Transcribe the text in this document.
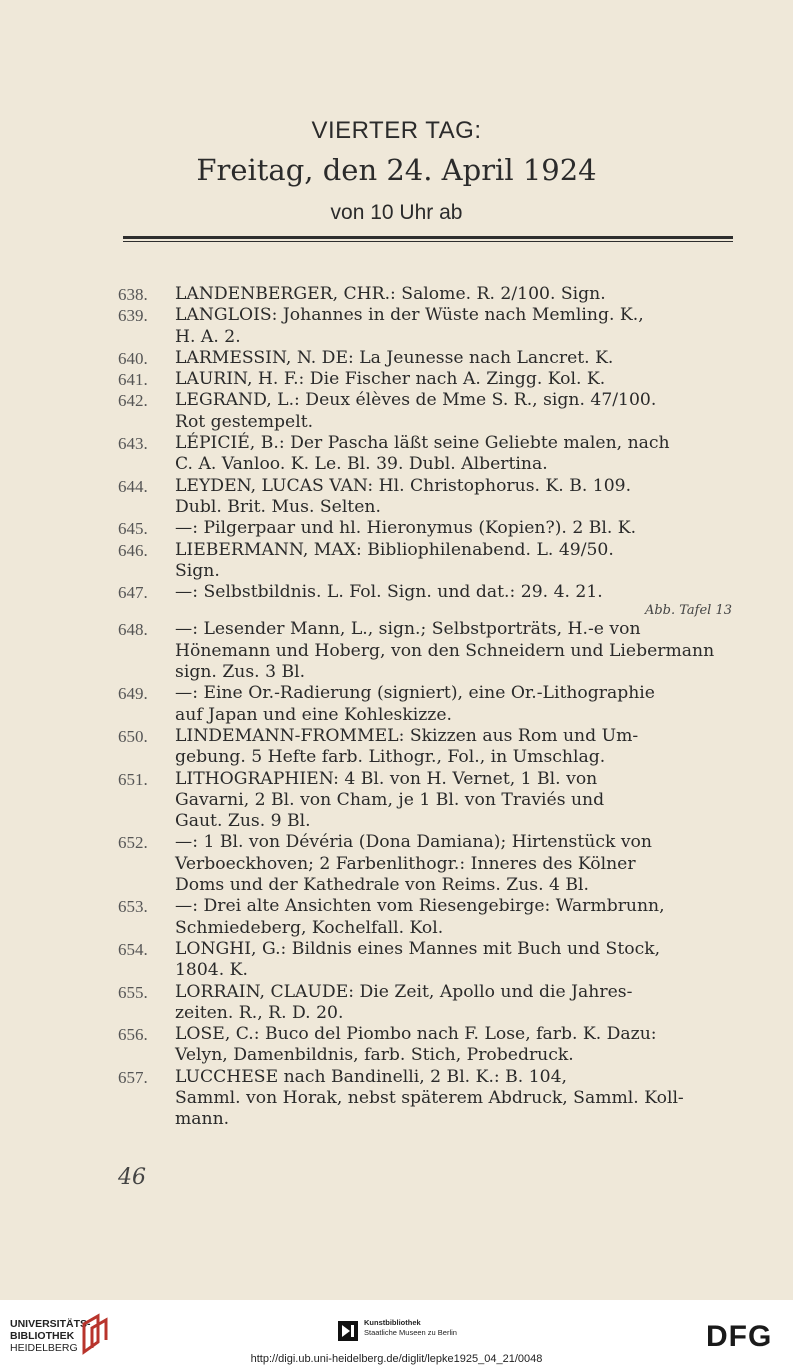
VIERTER TAG:
Freitag, den 24. April 1924
von 10 Uhr ab
638.	LANDENBERGER, CHR.: Salome. R. 2/100. Sign.
639.	LANGLOIS: Johannes in der Wüste nach Memling. K.,
H. A. 2.
640.	LARMESSIN, N. DE: La Jeunesse nach Lancret. K.
641.	LAURIN, H. F.: Die Fischer nach A. Zingg. Kol. K.
642.	LEGRAND, L.: Deux élèves de Mme S. R., sign. 47/100.
Rot gestempelt.
643.	LÉPICIÉ, B.: Der Pascha läßt seine Geliebte malen, nach
C. A. Vanloo. K. Le. Bl. 39. Dubl. Albertina.
644.	LEYDEN, LUCAS VAN: Hl. Christophorus. K. B. 109.
Dubl. Brit. Mus. Selten.
645.	—: Pilgerpaar und hl. Hieronymus (Kopien?). 2 Bl. K.
646.	LIEBERMANN, MAX: Bibliophilenabend. L. 49/50.
Sign.
647.	—: Selbstbildnis. L. Fol. Sign. und dat.: 29. 4. 21.
Abb. Tafel 13
648.	—: Lesender Mann, L., sign.; Selbstporträts, H.-e von
Hönemann und Hoberg, von den Schneidern und Liebermann
sign. Zus. 3 Bl.
649.	—: Eine Or.-Radierung (signiert), eine Or.-Lithographie
auf Japan und eine Kohleskizze.
650.	LINDEMANN-FROMMEL: Skizzen aus Rom und Um-
gebung. 5 Hefte farb. Lithogr., Fol., in Umschlag.
651.	LITHOGRAPHIEN: 4 Bl. von H. Vernet, 1 Bl. von
Gavarni, 2 Bl. von Cham, je 1 Bl. von Traviés und
Gaut. Zus. 9 Bl.
652.	—: 1 Bl. von Dévéria (Dona Damiana); Hirtenstück von
Verboeckhoven; 2 Farbenlithogr.: Inneres des Kölner
Doms und der Kathedrale von Reims. Zus. 4 Bl.
653.	—: Drei alte Ansichten vom Riesengebirge: Warmbrunn,
Schmiedeberg, Kochelfall. Kol.
654.	LONGHI, G.: Bildnis eines Mannes mit Buch und Stock,
1804. K.
655.	LORRAIN, CLAUDE: Die Zeit, Apollo und die Jahres-
zeiten. R., R. D. 20.
656.	LOSE, C.: Buco del Piombo nach F. Lose, farb. K. Dazu:
Velyn, Damenbildnis, farb. Stich, Probedruck.
657.	LUCCHESE nach Bandinelli, 2 Bl. K.: B. 104,
Samml. von Horak, nebst späterem Abdruck, Samml. Koll-
mann.
46
UNIVERSITÄTS-
BIBLIOTHEK
HEIDELBERG
Kunstbibliothek
Staatliche Museen zu Berlin	DFG
http://digi.ub.uni-heidelberg.de/diglit/lepke1925_04_21/0048
